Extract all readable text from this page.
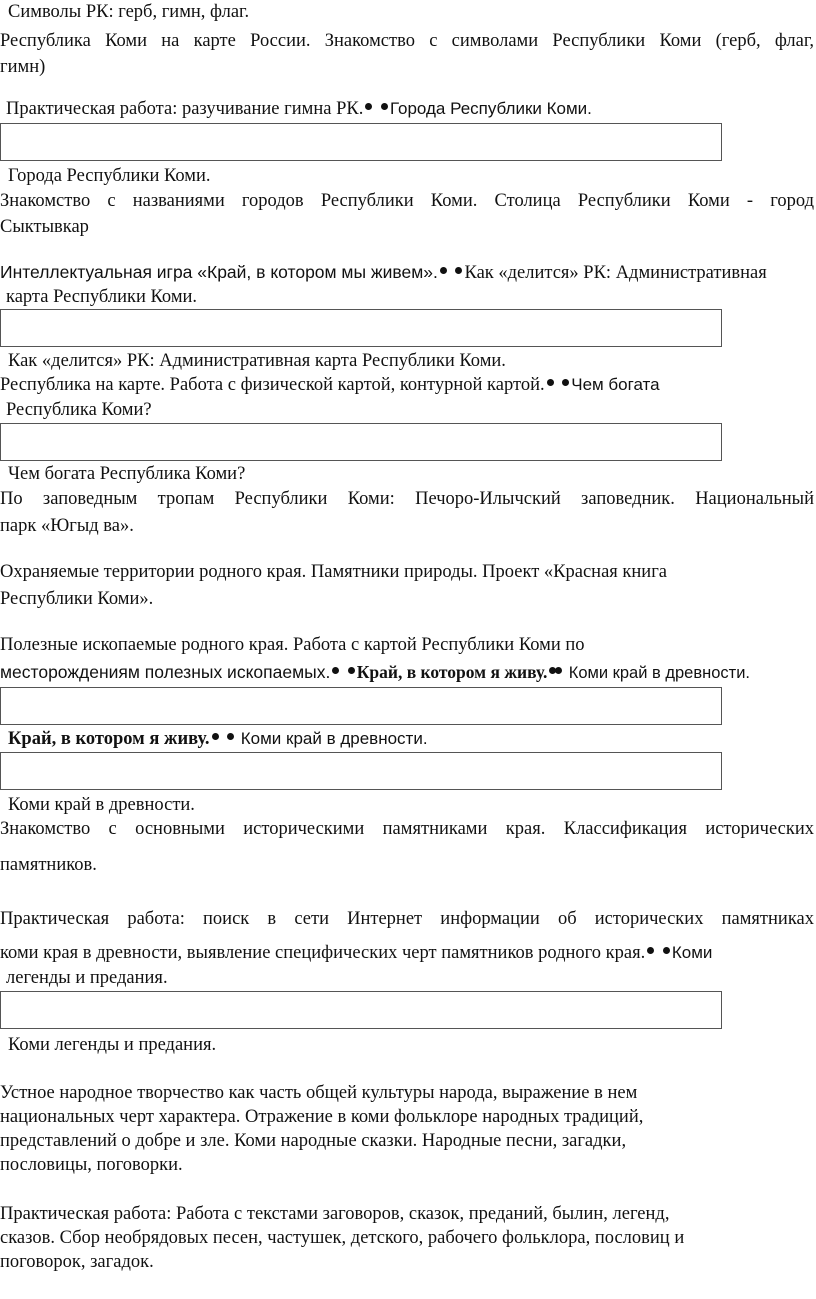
Символы РК: герб, гимн, флаг.
Республика Коми на карте России. Знакомство с символами Республики Коми (герб, флаг,
гимн)
Практическая работа: разучивание гимна РК. Города Республики Коми.
Города Республики Коми.
Знакомство с названиями городов Республики Коми. Столица Республики Коми - город
Сыктывкар
Интеллектуальная игра «Край, в котором мы живем». Как «делится» РК: Административная
карта Республики Коми.
Как «делится» РК: Административная карта Республики Коми.
Республика на карте. Работа с физической картой, контурной картой. Чем богата
Республика Коми?
Чем богата Республика Коми?
По заповедным тропам Республики Коми: Печоро-Илычский заповедник. Национальный
парк «Югыд ва».
Охраняемые территории родного края. Памятники природы. Проект «Красная книга
Республики Коми».
Полезные ископаемые родного края. Работа с картой Республики Коми по
месторождениям полезных ископаемых. Край, в котором я живу. Коми край в древности.
Край, в котором я живу. Коми край в древности.
Коми край в древности.
Знакомство с основными историческими памятниками края. Классификация исторических
памятников.
Практическая работа: поиск в сети Интернет информации об исторических памятниках
коми края в древности, выявление специфических черт памятников родного края. Коми
легенды и предания.
Коми легенды и предания.
Устное народное творчество как часть общей культуры народа, выражение в нем
национальных черт характера. Отражение в коми фольклоре народных традиций,
представлений о добре и зле. Коми народные сказки. Народные песни, загадки,
пословицы, поговорки.
Практическая работа: Работа с текстами заговоров, сказок, преданий, былин, легенд,
сказов. Сбор необрядовых песен, частушек, детского, рабочего фольклора, пословиц и
поговорок, загадок.
